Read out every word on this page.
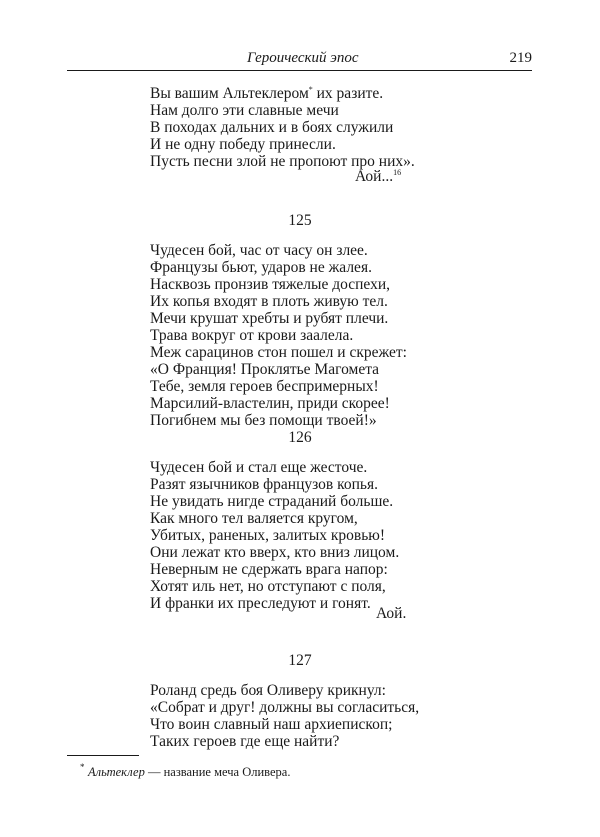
Героический эпос	219
Вы вашим Альтеклером* их разите.
Нам долго эти славные мечи
В походах дальних и в боях служили
И не одну победу принесли.
Пусть песни злой не пропоют про них».
Аой...$^{16}$
125
Чудесен бой, час от часу он злее.
Французы бьют, ударов не жалея.
Насквозь пронзив тяжелые доспехи,
Их копья входят в плоть живую тел.
Мечи крушат хребты и рубят плечи.
Трава вокруг от крови заалела.
Меж сарацинов стон пошел и скрежет:
«О Франция! Проклятье Магомета
Тебе, земля героев беспримерных!
Марсилий-властелин, приди скорее!
Погибнем мы без помощи твоей!»
126
Чудесен бой и стал еще жесточе.
Разят язычников французов копья.
Не увидать нигде страданий больше.
Как много тел валяется кругом,
Убитых, раненых, залитых кровью!
Они лежат кто вверх, кто вниз лицом.
Неверным не сдержать врага напор:
Хотят иль нет, но отступают с поля,
И франки их преследуют и гонят.
Аой.
127
Роланд средь боя Оливеру крикнул:
«Собрат и друг! должны вы согласиться,
Что воин славный наш архиепископ;
Таких героев где еще найти?
* Альтеклер — название меча Оливера.
